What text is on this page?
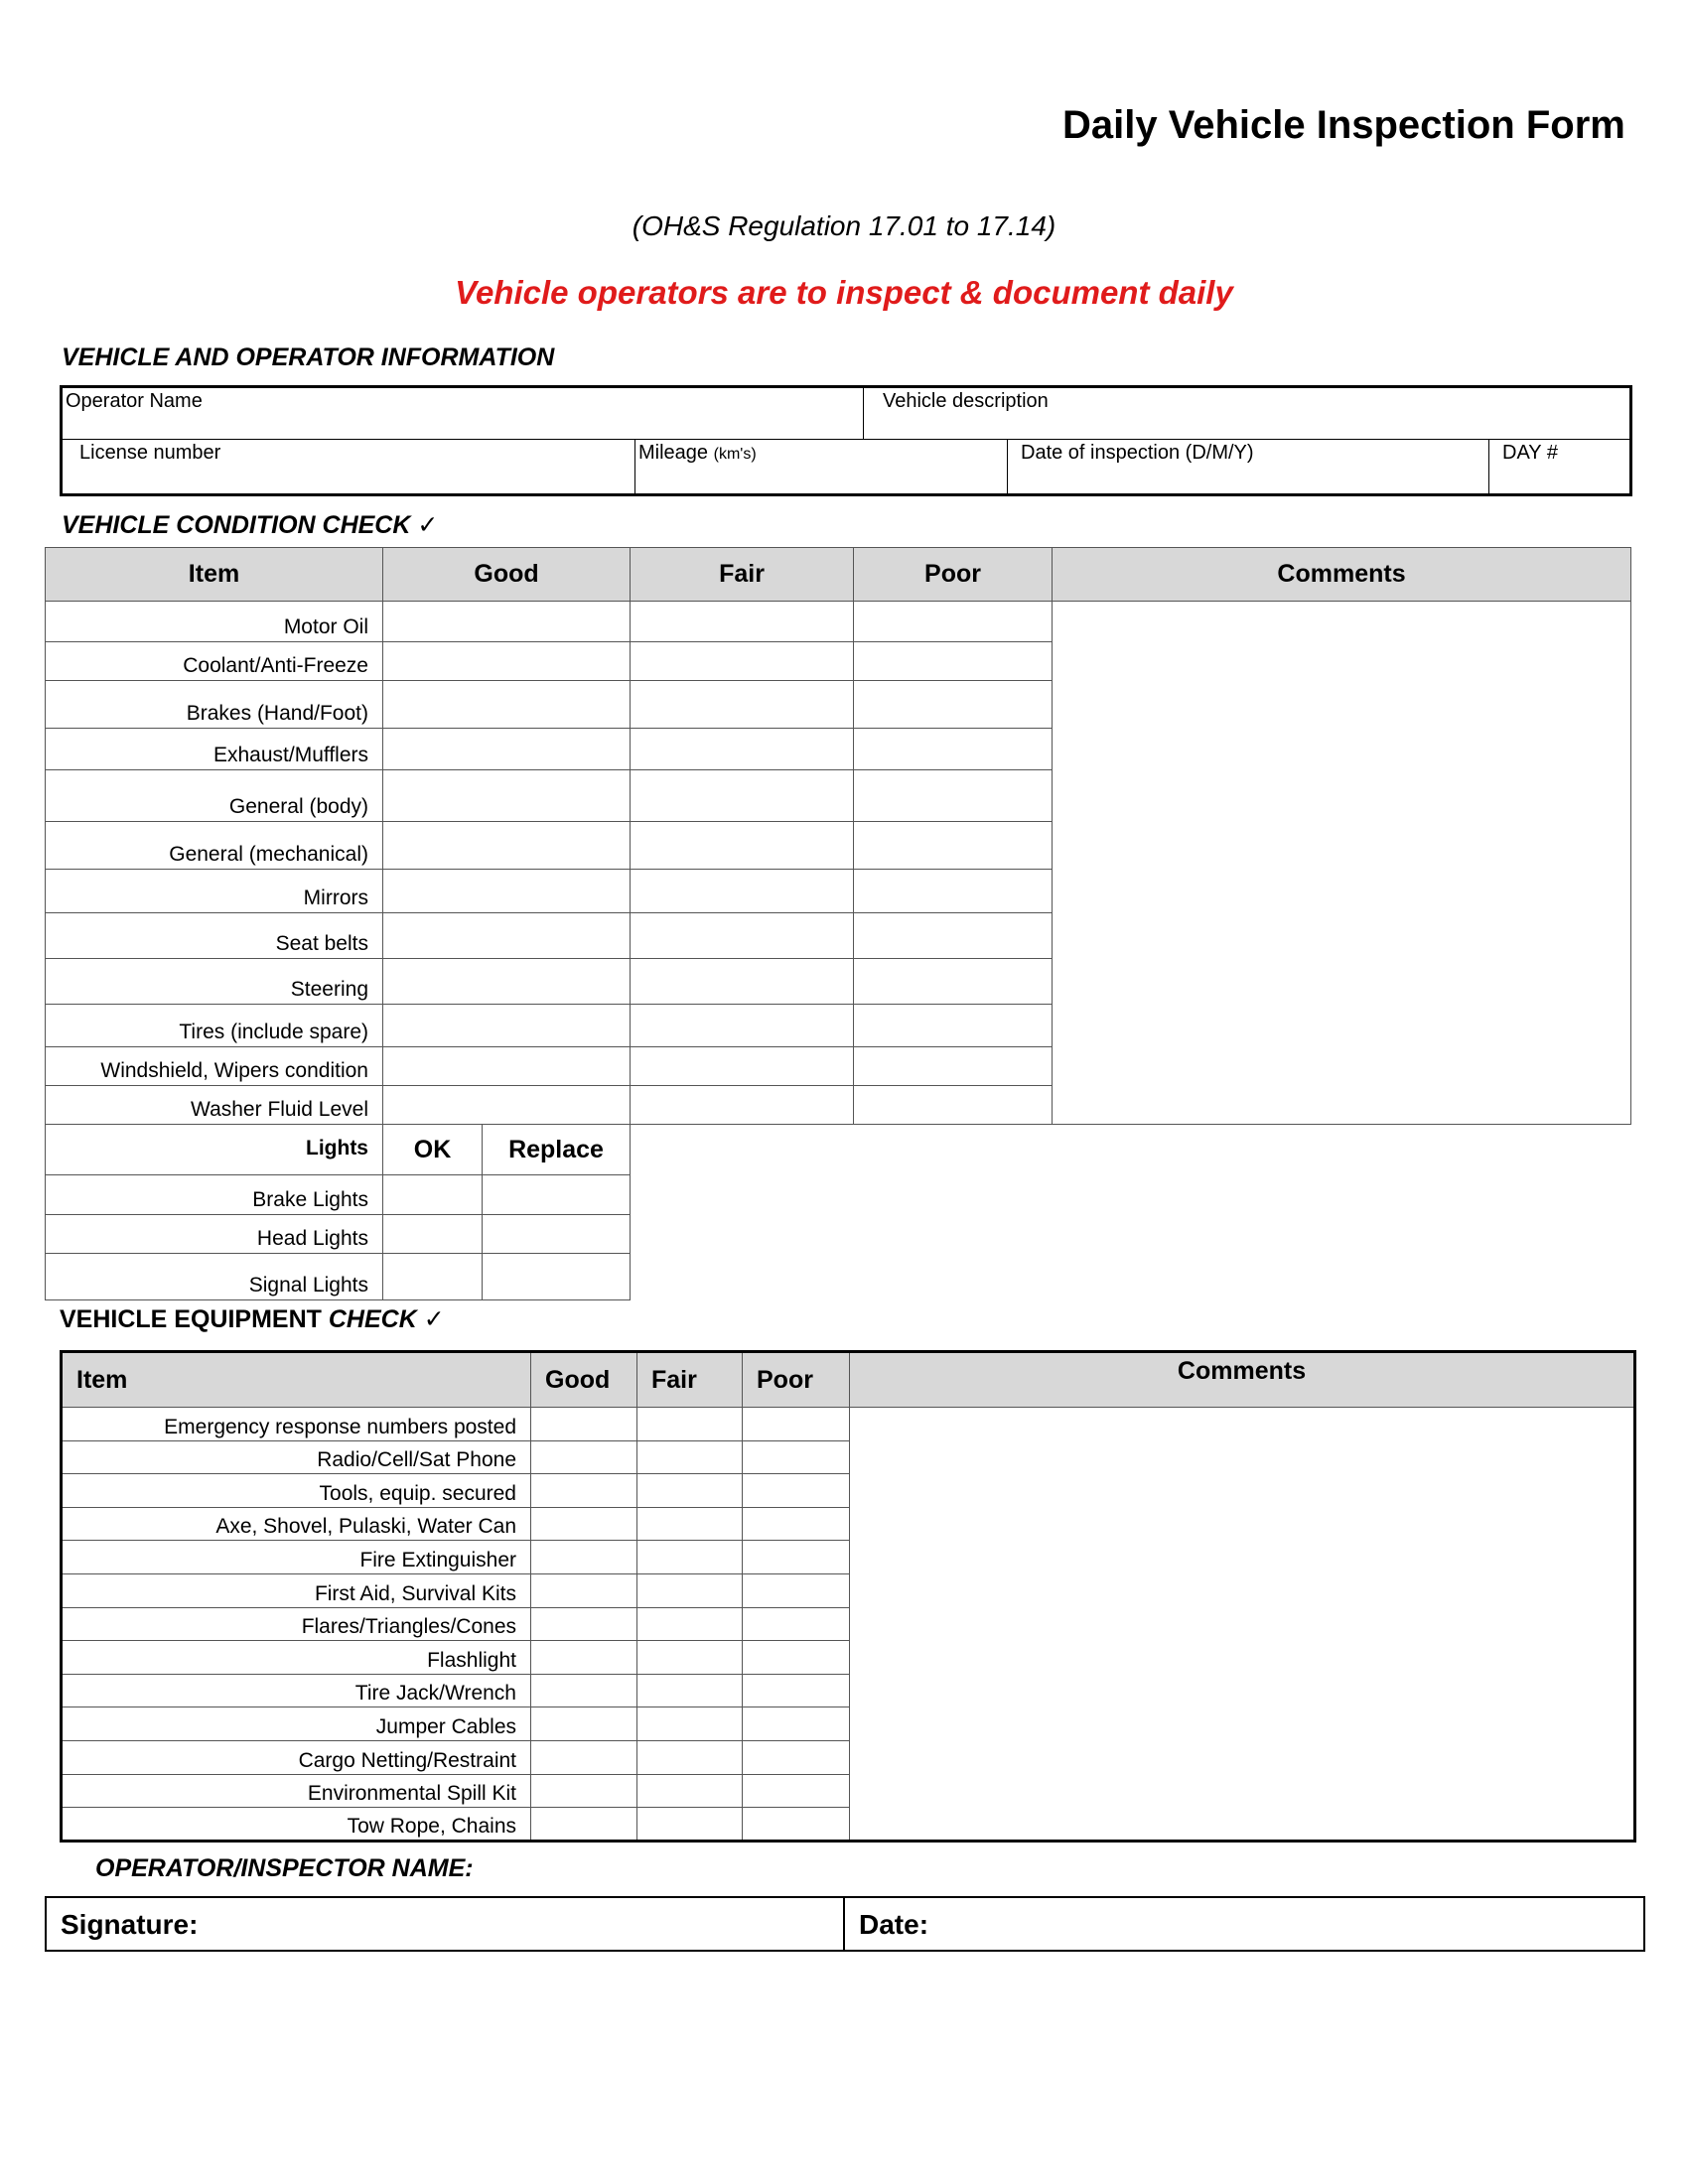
Daily Vehicle Inspection Form
(OH&S Regulation 17.01 to 17.14)
Vehicle operators are to inspect & document daily
VEHICLE AND OPERATOR INFORMATION
Operator Name	Vehicle description
License number	Mileage (km's)	Date of inspection (D/M/Y)	DAY #
VEHICLE CONDITION CHECK ✓
Item	Good		Fair	Poor	Comments
Motor Oil					
Coolant/Anti-Freeze					
Brakes (Hand/Foot)					
Exhaust/Mufflers					
General (body)					
General (mechanical)					
Mirrors					
Seat belts					
Steering					
Tires (include spare)					
Windshield, Wipers condition					
Washer Fluid Level					
Lights	OK	Replace			
Brake Lights					
Head Lights					
Signal Lights					
VEHICLE EQUIPMENT CHECK ✓
Item	Good	Fair	Poor	Comments
Emergency response numbers posted				
Radio/Cell/Sat Phone				
Tools, equip. secured				
Axe, Shovel, Pulaski, Water Can				
Fire Extinguisher				
First Aid, Survival Kits				
Flares/Triangles/Cones				
Flashlight				
Tire Jack/Wrench				
Jumper Cables				
Cargo Netting/Restraint				
Environmental Spill Kit				
Tow Rope, Chains				
OPERATOR/INSPECTOR NAME:
Signature:	Date:
